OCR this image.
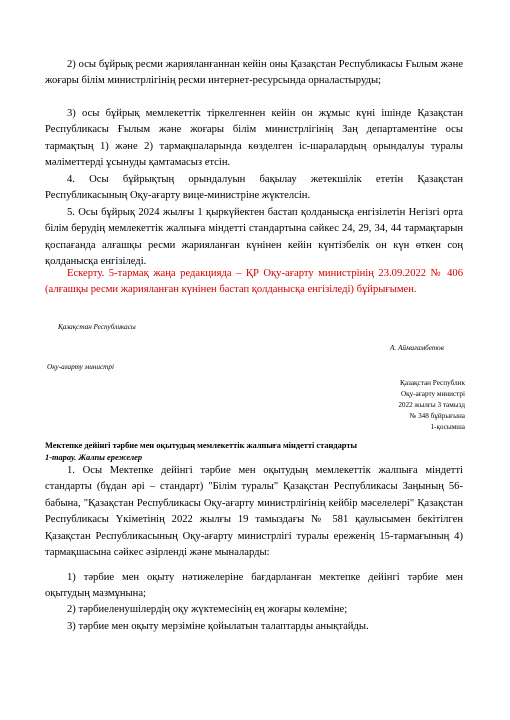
2) осы бұйрық ресми жарияланғаннан кейін оны Қазақстан Республикасы Ғылым және жоғары білім министрлігінің ресми интернет-ресурсында орналастыруды;

3) осы бұйрық мемлекеттік тіркелгеннен кейін он жұмыс күні ішінде Қазақстан Республикасы Ғылым және жоғары білім министрлігінің Заң департаментіне осы тармақтың 1) және 2) тармақшаларында көзделген іс-шаралардың орындалуы туралы мәліметтерді ұсынуды қамтамасыз етсін.

4. Осы бұйрықтың орындалуын бақылау жетекшілік ететін Қазақстан Республикасының Оқу-ағарту вице-министріне жүктелсін.

5. Осы бұйрық 2024 жылғы 1 қыркүйектен бастап қолданысқа енгізілетін Негізгі орта білім берудің мемлекеттік жалпыға міндетті стандартына сәйкес 24, 29, 34, 44 тармақтарын қоспағанда алғашқы ресми жарияланған күнінен кейін күнтізбелік он күн өткен соң қолданысқа енгізіледі.

Ескерту. 5-тармақ жаңа редакцияда – ҚР Оқу-ағарту министрінің 23.09.2022 № 406 (алғашқы ресми жарияланған күнінен бастап қолданысқа енгізіледі) бұйрығымен.

Қазақстан Республикасы
А. Аймағамбетов
Оқу-ағарту министрі
Қазақстан Республик
Оқу-ағарту министрі
2022 жылғы 3 тамызд
№ 348 бұйрығына
1-қосымша
Мектепке дейінгі тәрбие мен оқытудың мемлекеттік жалпыға міндетті стандарты
1-тарау. Жалпы ережелер

1. Осы Мектепке дейінгі тәрбие мен оқытудың мемлекеттік жалпыға міндетті стандарты (бұдан әрі – стандарт) "Білім туралы" Қазақстан Республикасы Заңының 56-бабына, "Қазақстан Республикасы Оқу-ағарту министрлігінің кейбір мәселелері" Қазақстан Республикасы Үкіметінің 2022 жылғы 19 тамыздағы № 581 қаулысымен бекітілген Қазақстан Республикасының Оқу-ағарту министрлігі туралы ереженің 15-тармағының 4) тармақшасына сәйкес әзірлендi және мыналарды:

1) тәрбие мен оқыту нәтижелеріне бағдарланған мектепке дейінгі тәрбие мен оқытудың мазмұнына;

2) тәрбиеленушілердің оқу жүктемесінің ең жоғары көлеміне;

3) тәрбие мен оқыту мерзіміне қойылатын талаптарды анықтайды.
